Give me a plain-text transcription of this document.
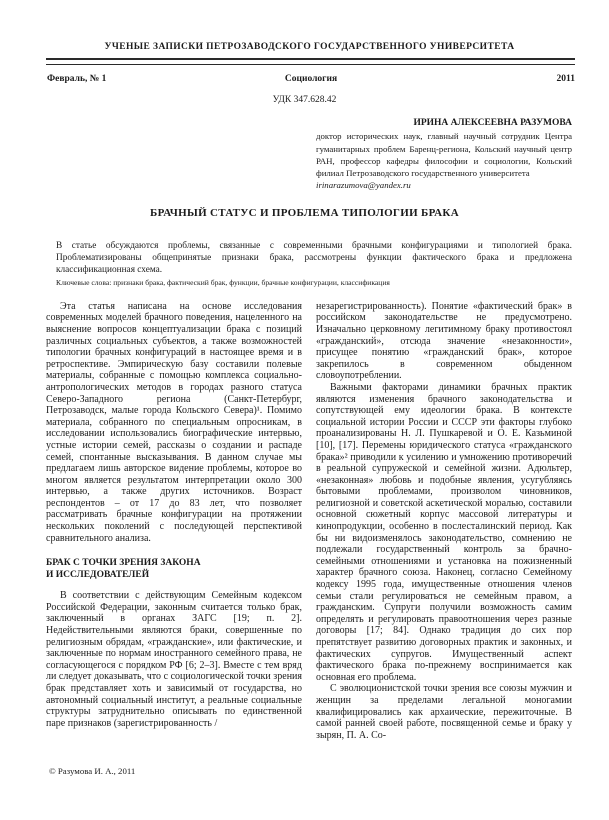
УЧЕНЫЕ ЗАПИСКИ ПЕТРОЗАВОДСКОГО ГОСУДАРСТВЕННОГО УНИВЕРСИТЕТА
Февраль, № 1	Социология	2011
УДК 347.628.42
ИРИНА АЛЕКСЕЕВНА РАЗУМОВА
доктор исторических наук, главный научный сотрудник Центра гуманитарных проблем Баренц-региона, Кольский научный центр РАН, профессор кафедры философии и социологии, Кольский филиал Петрозаводского государственного университета
irinarazumova@yandex.ru
БРАЧНЫЙ СТАТУС И ПРОБЛЕМА ТИПОЛОГИИ БРАКА
В статье обсуждаются проблемы, связанные с современными брачными конфигурациями и типологией брака. Проблематизированы общепринятые признаки брака, рассмотрены функции фактического брака и предложена классификационная схема.
Ключевые слова: признаки брака, фактический брак, функции, брачные конфигурации, классификация

Эта статья написана на основе исследования современных моделей брачного поведения, нацеленного на выяснение вопросов концептуализации брака с позиций различных социальных субъектов, а также возможностей типологии брачных конфигураций в настоящее время и в ретроспективе. Эмпирическую базу составили полевые материалы, собранные с помощью комплекса социально-антропологических методов в городах разного статуса Северо-Западного региона (Санкт-Петербург, Петрозаводск, малые города Кольского Севера)¹. Помимо материала, собранного по специальным опросникам, в исследовании использовались биографические интервью, устные истории семей, рассказы о создании и распаде семей, спонтанные высказывания. В данном случае мы предлагаем лишь авторское видение проблемы, которое во многом является результатом интерпретации около 300 интервью, а также других источников. Возраст респондентов – от 17 до 83 лет, что позволяет рассматривать брачные конфигурации на протяжении нескольких поколений с последующей перспективой сравнительного анализа.

БРАК С ТОЧКИ ЗРЕНИЯ ЗАКОНА
И ИССЛЕДОВАТЕЛЕЙ

В соответствии с действующим Семейным кодексом Российской Федерации, законным считается только брак, заключенный в органах ЗАГС [19; п. 2]. Недействительными являются браки, совершенные по религиозным обрядам, «гражданские», или фактические, и заключенные по нормам иностранного семейного права, не согласующегося с порядком РФ [6; 2–3]. Вместе с тем вряд ли следует доказывать, что с социологической точки зрения брак представляет хоть и зависимый от государства, но автономный социальный институт, а реальные социальные структуры затруднительно описывать по единственной паре признаков (зарегистрированность /

незарегистрированность). Понятие «фактический брак» в российском законодательстве не предусмотрено. Изначально церковному легитимному браку противостоял «гражданский», отсюда значение «незаконности», присущее понятию «гражданский брак», которое закрепилось в современном обыденном словоупотреблении.

Важными факторами динамики брачных практик являются изменения брачного законодательства и сопутствующей ему идеологии брака. В контексте социальной истории России и СССР эти факторы глубоко проанализированы Н. Л. Пушкаревой и О. Е. Казьминой [10], [17]. Перемены юридического статуса «гражданского брака»² приводили к усилению и умножению противоречий в реальной супружеской и семейной жизни. Адюльтер, «незаконная» любовь и подобные явления, усугубляясь бытовыми проблемами, произволом чиновников, религиозной и советской аскетической моралью, составили основной сюжетный корпус массовой литературы и кинопродукции, особенно в послесталинский период. Как бы ни видоизменялось законодательство, сомнению не подлежали государственный контроль за брачно-семейными отношениями и установка на пожизненный характер брачного союза. Наконец, согласно Семейному кодексу 1995 года, имущественные отношения членов семьи стали регулироваться не семейным правом, а гражданским. Супруги получили возможность самим определять и регулировать правоотношения через разные договоры [17; 84]. Однако традиция до сих пор препятствует развитию договорных практик и законных, и фактических супругов. Имущественный аспект фактического брака по-прежнему воспринимается как основная его проблема.

С эволюционистской точки зрения все союзы мужчин и женщин за пределами легальной моногамии квалифицировались как архаические, пережиточные. В самой ранней своей работе, посвященной семье и браку у зырян, П. А. Со-

© Разумова И. А., 2011
